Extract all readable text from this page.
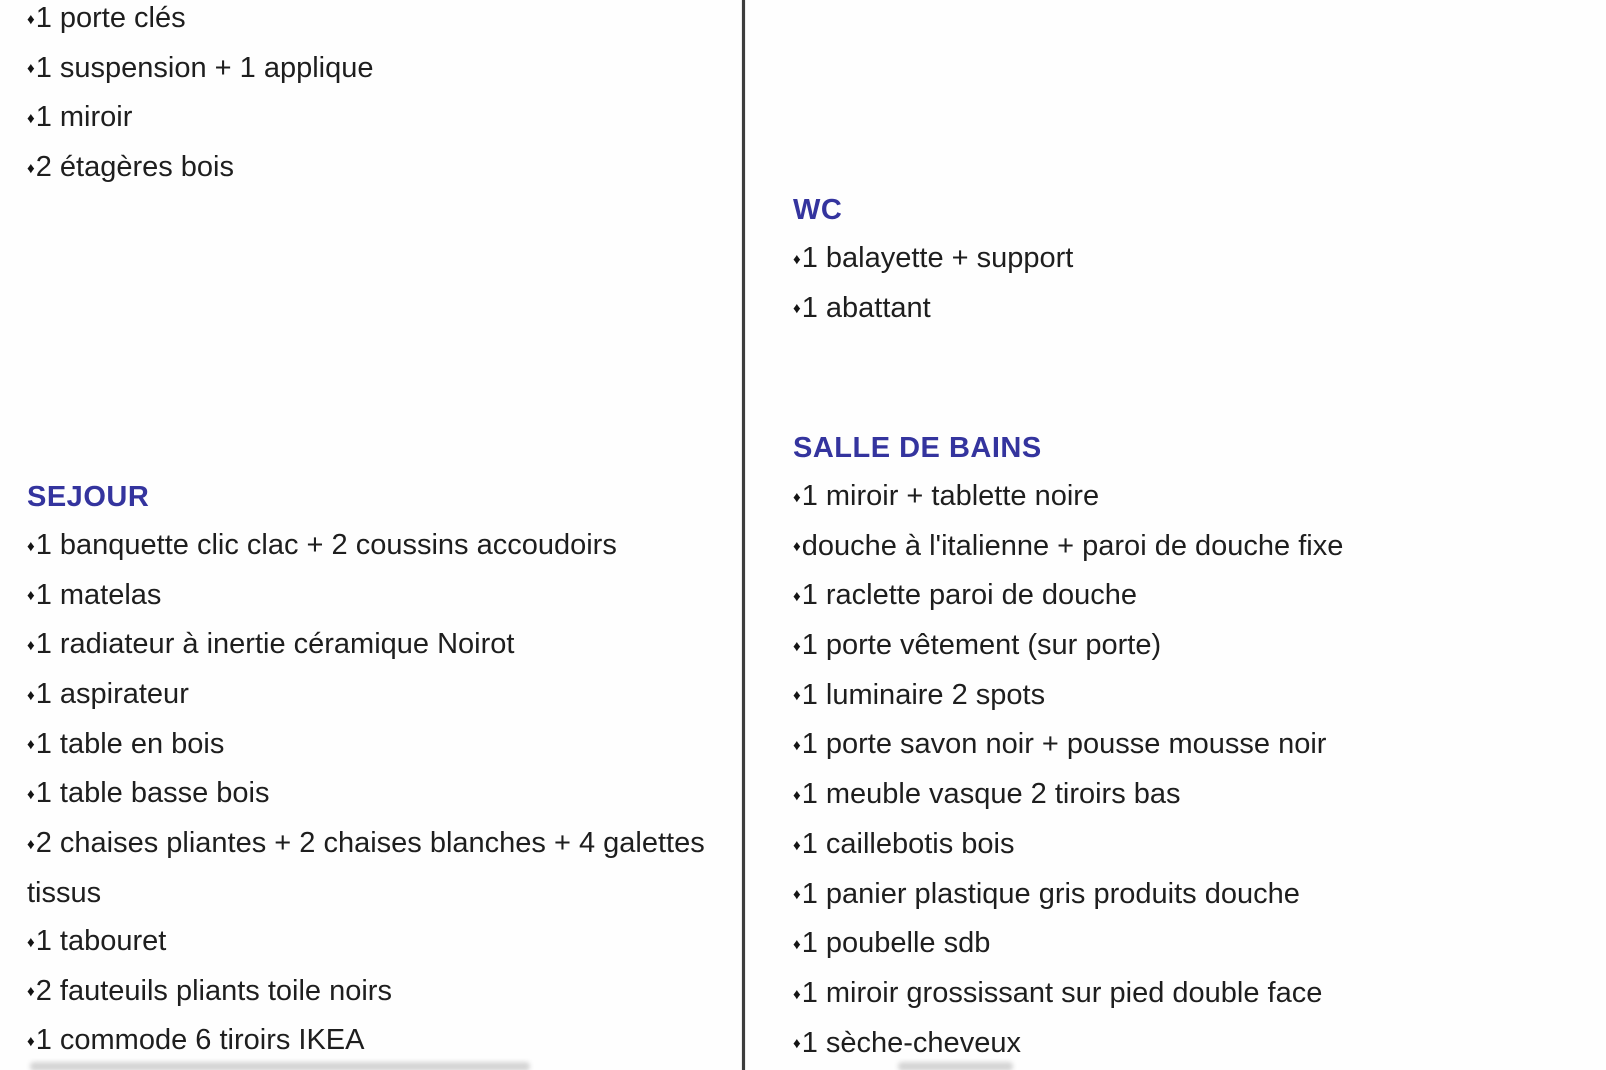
♦1 porte clés
♦1 suspension + 1 applique
♦1 miroir
♦2 étagères bois
SEJOUR
♦1 banquette clic clac + 2 coussins accoudoirs
♦1 matelas
♦1 radiateur à inertie céramique Noirot
♦1 aspirateur
♦1 table en bois
♦1 table basse bois
♦2 chaises pliantes + 2 chaises blanches + 4 galettes tissus
♦1 tabouret
♦2 fauteuils pliants toile noirs
♦1 commode 6 tiroirs IKEA
WC
♦1 balayette + support
♦1 abattant
SALLE DE BAINS
♦1 miroir + tablette noire
♦douche à l'italienne + paroi de douche fixe
♦1 raclette paroi de douche
♦1 porte vêtement (sur porte)
♦1 luminaire 2 spots
♦1 porte savon noir + pousse mousse noir
♦1 meuble vasque 2 tiroirs bas
♦1 caillebotis bois
♦1 panier plastique gris produits douche
♦1 poubelle sdb
♦1 miroir grossissant sur pied double face
♦1 sèche-cheveux
